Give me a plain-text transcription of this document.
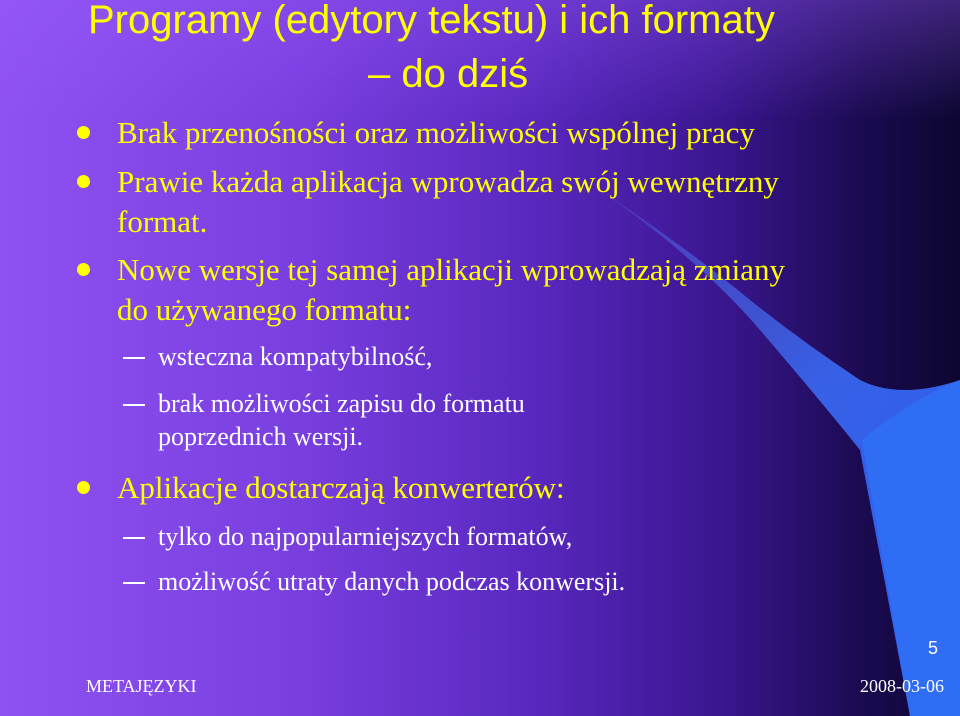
Programy (edytory tekstu) i ich formaty
– do dziś
Brak przenośności oraz możliwości wspólnej pracy
Prawie każda aplikacja wprowadza swój wewnętrzny
format.
Nowe wersje tej samej aplikacji wprowadzają zmiany
do używanego formatu:
wsteczna kompatybilność,
brak możliwości zapisu do formatu
poprzednich wersji.
Aplikacje dostarczają konwerterów:
tylko do najpopularniejszych formatów,
możliwość utraty danych podczas konwersji.
5
METAJĘZYKI	2008-03-06
